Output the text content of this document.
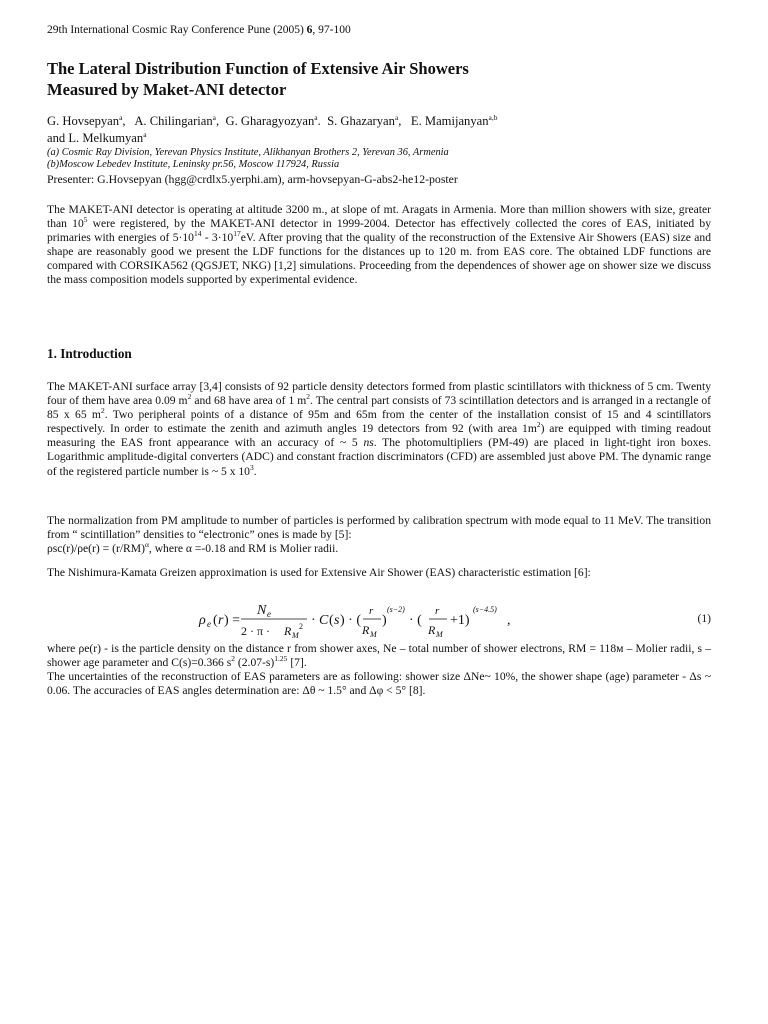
29th International Cosmic Ray Conference Pune (2005) 6, 97-100
The Lateral Distribution Function of Extensive Air Showers
Measured by Maket-ANI detector
G. Hovsepyan$^a$,   A. Chilingarian$^a$,  G. Gharagyozyan$^a$.  S. Ghazaryan$^a$,   E. Mamijanyan$^{a,b}$
and L. Melkumyan$^a$
(a) Cosmic Ray Division, Yerevan Physics Institute, Alikhanyan Brothers 2, Yerevan 36, Armenia
(b)Moscow Lebedev Institute, Leninsky pr.56, Moscow 117924, Russia
Presenter: G.Hovsepyan (hgg@crdlx5.yerphi.am), arm-hovsepyan-G-abs2-he12-poster
The MAKET-ANI detector is operating at altitude 3200 m., at slope of mt. Aragats in Armenia. More than million showers with size, greater than $10^5$ were registered, by the MAKET-ANI detector in 1999-2004. Detector has effectively collected the cores of EAS, initiated by primaries with energies of $5\cdot 10^{14} - 3\cdot 10^{17}eV$. After proving that the quality of the reconstruction of the Extensive Air Showers (EAS) size and shape are reasonably good we present the LDF functions for the distances up to 120 m. from EAS core. The obtained LDF functions are compared with CORSIKA562 (QGSJET, NKG) [1,2] simulations. Proceeding from the dependences of shower age on shower size we discuss the mass composition models supported by experimental evidence.
1. Introduction
The MAKET-ANI surface array [3,4] consists of 92 particle density detectors formed from plastic scintillators with thickness of 5 cm. Twenty four of them have area 0.09 $m^2$ and 68 have area of 1 $m^2$. The central part consists of 73 scintillation detectors and is arranged in a rectangle of 85 x 65 $m^2$. Two peripheral points of a distance of 95m and 65m from the center of the installation consist of 15 and 4 scintillators respectively. In order to estimate the zenith and azimuth angles 19 detectors from 92 (with area $1m^2$) are equipped with timing readout measuring the EAS front appearance with an accuracy of ~ 5 ns. The photomultipliers (PM-49) are placed in light-tight iron boxes. Logarithmic amplitude-digital converters (ADC) and constant fraction discriminators (CFD) are assembled just above PM. The dynamic range of the registered particle number is ~ 5 x $10^3$.
The normalization from PM amplitude to number of particles is performed by calibration spectrum with mode equal to 11 MeV. The transition from “ scintillation” densities to “electronic” ones is made by [5]:
$\rho sc(r)/\rho e(r) = (r/RM)^\alpha$, where α =-0.18 and RM is Molier radii.
The Nishimura-Kamata Greizen approximation is used for Extensive Air Shower (EAS) characteristic estimation [6]:
ρ e ( r ) =
N e
2 · π · R M
2 · C ( s ) · (
r
R M
)
(s−2)
· (
r
R M
+1)
(s−4.5)
,	(1)
where ρe(r) - is the particle density on the distance r from shower axes, Ne – total number of shower electrons, RM = 118м – Molier radii, s – shower age parameter and C(s)=0.366 $s^2$ $(2.07-s)^{1.25}$ [7].
The uncertainties of the reconstruction of EAS parameters are as following: shower size ΔNe~ 10%, the shower shape (age) parameter - Δs ~ 0.06. The accuracies of EAS angles determination are: Δθ ~ 1.5° and Δφ < 5° [8].
